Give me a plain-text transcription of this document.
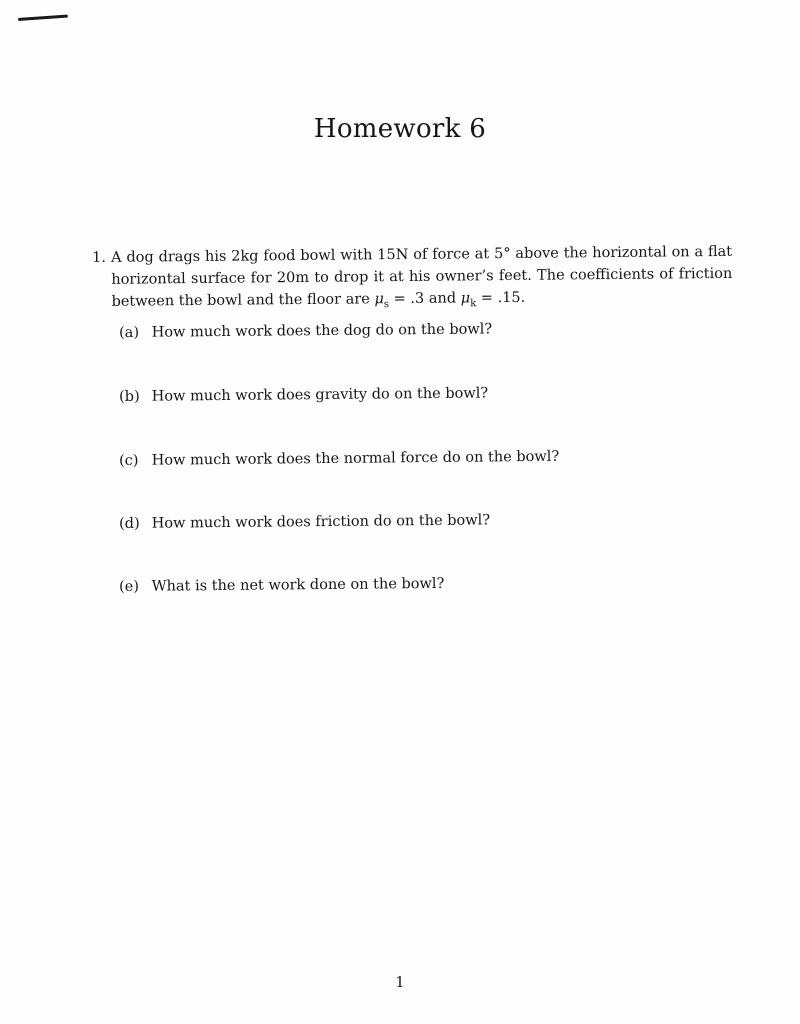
Homework 6
1. A dog drags his 2kg food bowl with 15N of force at 5° above the horizontal on a flat horizontal surface for 20m to drop it at his owner’s feet. The coefficients of friction between the bowl and the floor are $\mu_s = .3$ and $\mu_k = .15$.
(a) How much work does the dog do on the bowl?
(b) How much work does gravity do on the bowl?
(c) How much work does the normal force do on the bowl?
(d) How much work does friction do on the bowl?
(e) What is the net work done on the bowl?
1
